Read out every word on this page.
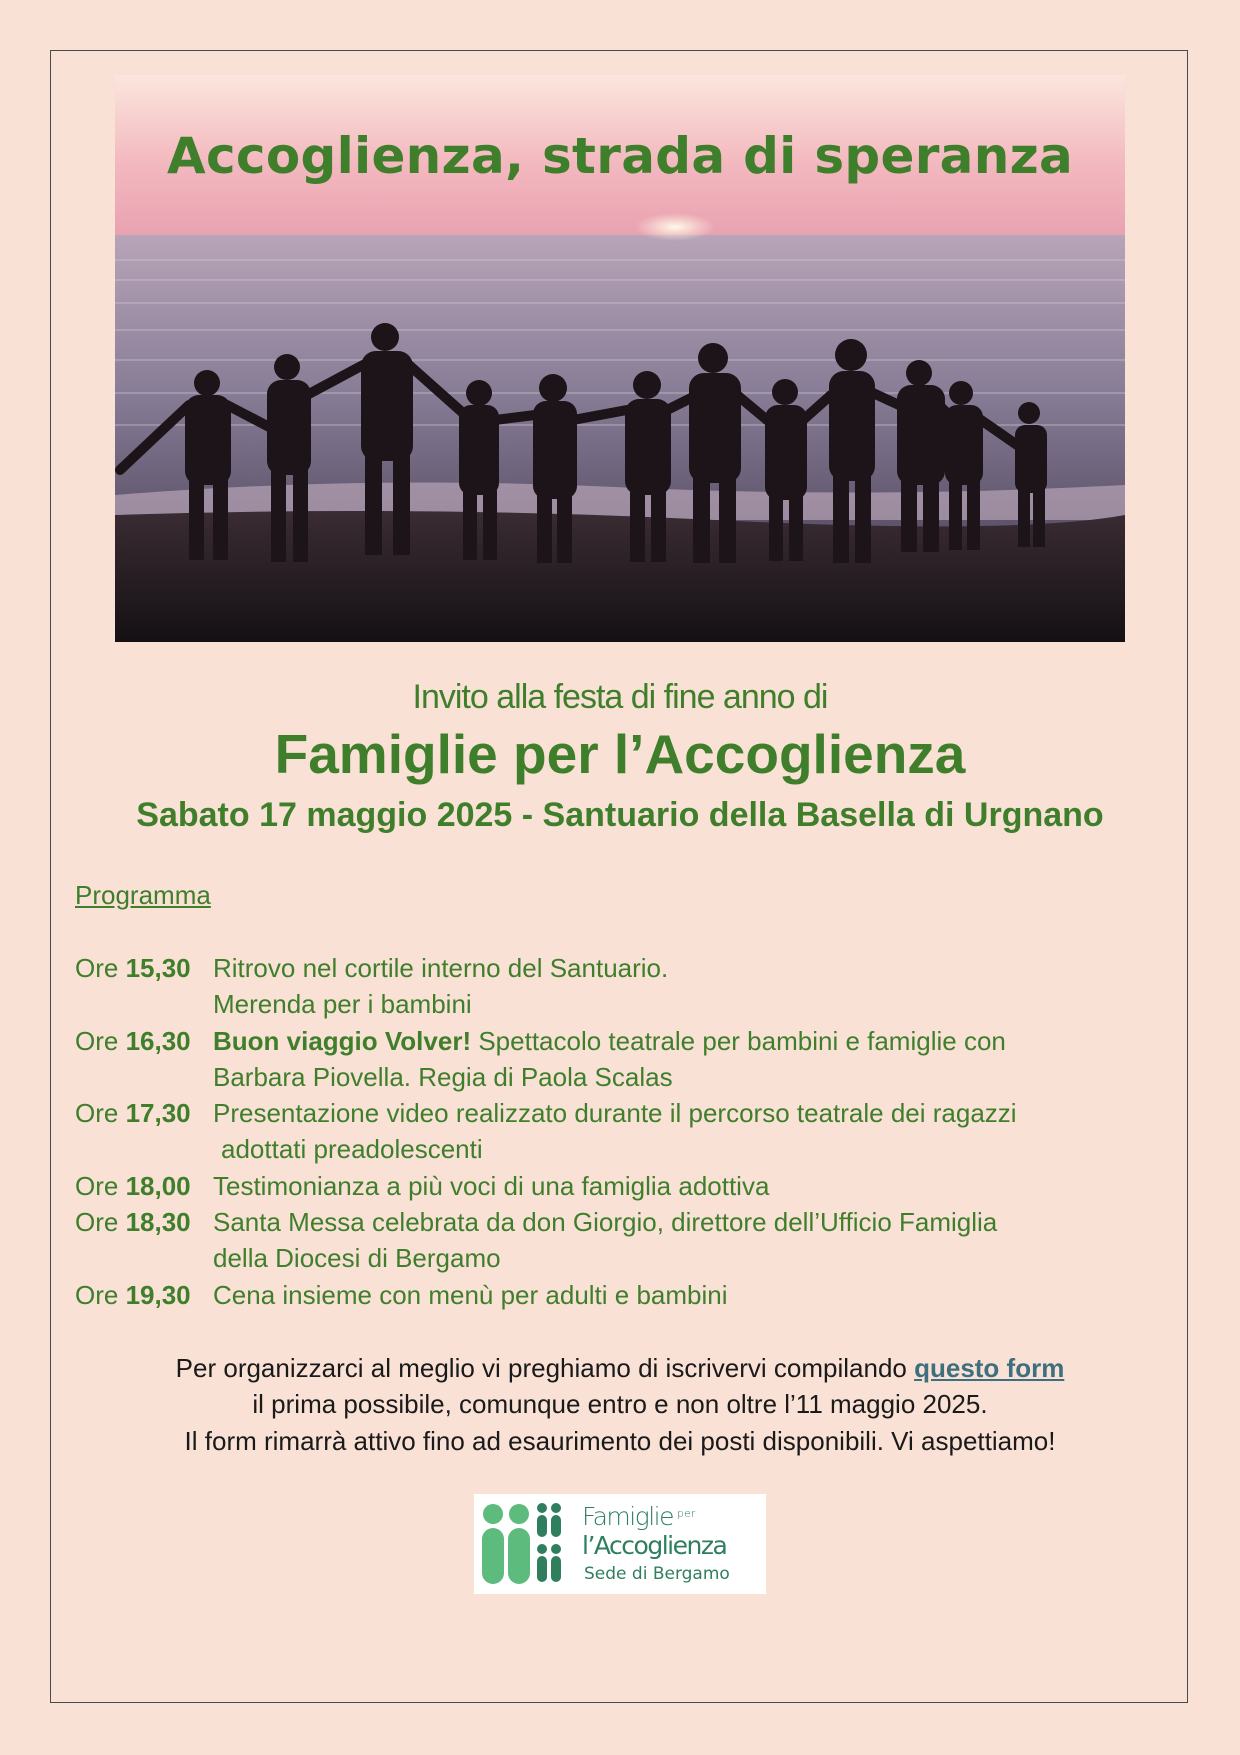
Accoglienza, strada di speranza
Invito alla festa di fine anno di
Famiglie per l’Accoglienza
Sabato 17 maggio 2025 - Santuario della Basella di Urgnano
Programma
Ore 15,30 Ritrovo nel cortile interno del Santuario.
Merenda per i bambini
Ore 16,30 Buon viaggio Volver! Spettacolo teatrale per bambini e famiglie con
Barbara Piovella. Regia di Paola Scalas
Ore 17,30 Presentazione video realizzato durante il percorso teatrale dei ragazzi
adottati preadolescenti
Ore 18,00 Testimonianza a più voci di una famiglia adottiva
Ore 18,30 Santa Messa celebrata da don Giorgio, direttore dell’Ufficio Famiglia
della Diocesi di Bergamo
Ore 19,30 Cena insieme con menù per adulti e bambini
Per organizzarci al meglio vi preghiamo di iscrivervi compilando questo form
il prima possibile, comunque entro e non oltre l’11 maggio 2025.
Il form rimarrà attivo fino ad esaurimento dei posti disponibili. Vi aspettiamo!
Famiglie $^{per}$
l’Accoglienza
Sede di Bergamo
